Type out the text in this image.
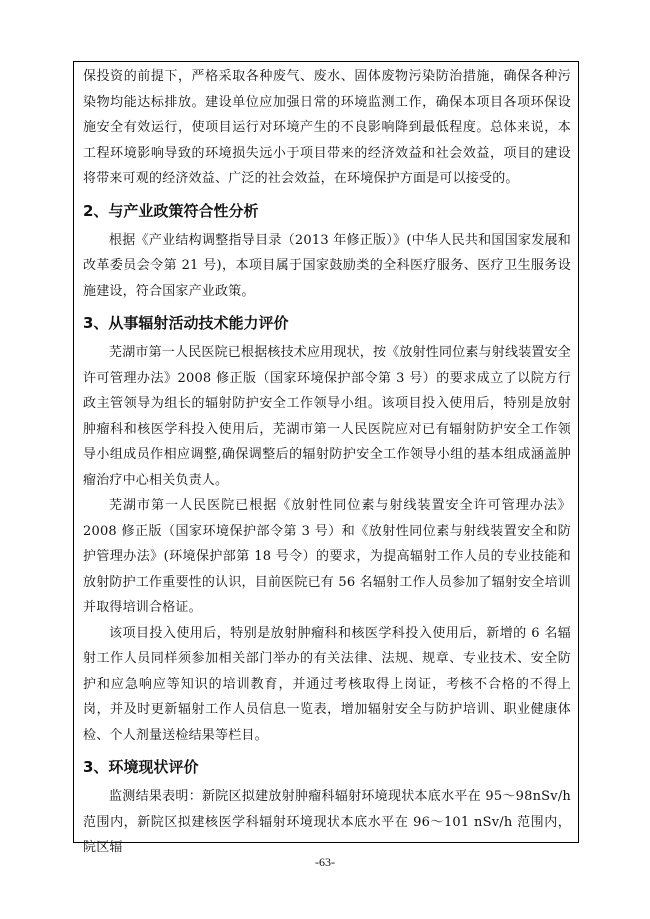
保投资的前提下，严格采取各种废气、废水、固体废物污染防治措施，确保各种污染物均能达标排放。建设单位应加强日常的环境监测工作，确保本项目各项环保设施安全有效运行，使项目运行对环境产生的不良影响降到最低程度。总体来说，本工程环境影响导致的环境损失远小于项目带来的经济效益和社会效益，项目的建设将带来可观的经济效益、广泛的社会效益，在环境保护方面是可以接受的。

2、与产业政策符合性分析

根据《产业结构调整指导目录（2013 年修正版）》(中华人民共和国国家发展和改革委员会令第 21 号)，本项目属于国家鼓励类的全科医疗服务、医疗卫生服务设施建设，符合国家产业政策。

3、从事辐射活动技术能力评价

芜湖市第一人民医院已根据核技术应用现状，按《放射性同位素与射线装置安全许可管理办法》2008 修正版（国家环境保护部令第 3 号）的要求成立了以院方行政主管领导为组长的辐射防护安全工作领导小组。该项目投入使用后，特别是放射肿瘤科和核医学科投入使用后，芜湖市第一人民医院应对已有辐射防护安全工作领导小组成员作相应调整,确保调整后的辐射防护安全工作领导小组的基本组成涵盖肿瘤治疗中心相关负责人。

芜湖市第一人民医院已根据《放射性同位素与射线装置安全许可管理办法》2008 修正版（国家环境保护部令第 3 号）和《放射性同位素与射线装置安全和防护管理办法》(环境保护部第 18 号令）的要求，为提高辐射工作人员的专业技能和放射防护工作重要性的认识，目前医院已有 56 名辐射工作人员参加了辐射安全培训并取得培训合格证。

该项目投入使用后，特别是放射肿瘤科和核医学科投入使用后，新增的 6 名辐射工作人员同样须参加相关部门举办的有关法律、法规、规章、专业技术、安全防护和应急响应等知识的培训教育，并通过考核取得上岗证，考核不合格的不得上岗，并及时更新辐射工作人员信息一览表，增加辐射安全与防护培训、职业健康体检、个人剂量送检结果等栏目。

3、环境现状评价

监测结果表明：新院区拟建放射肿瘤科辐射环境现状本底水平在 95～98nSv/h 范围内，新院区拟建核医学科辐射环境现状本底水平在 96～101 nSv/h 范围内，院区辐

-63-
